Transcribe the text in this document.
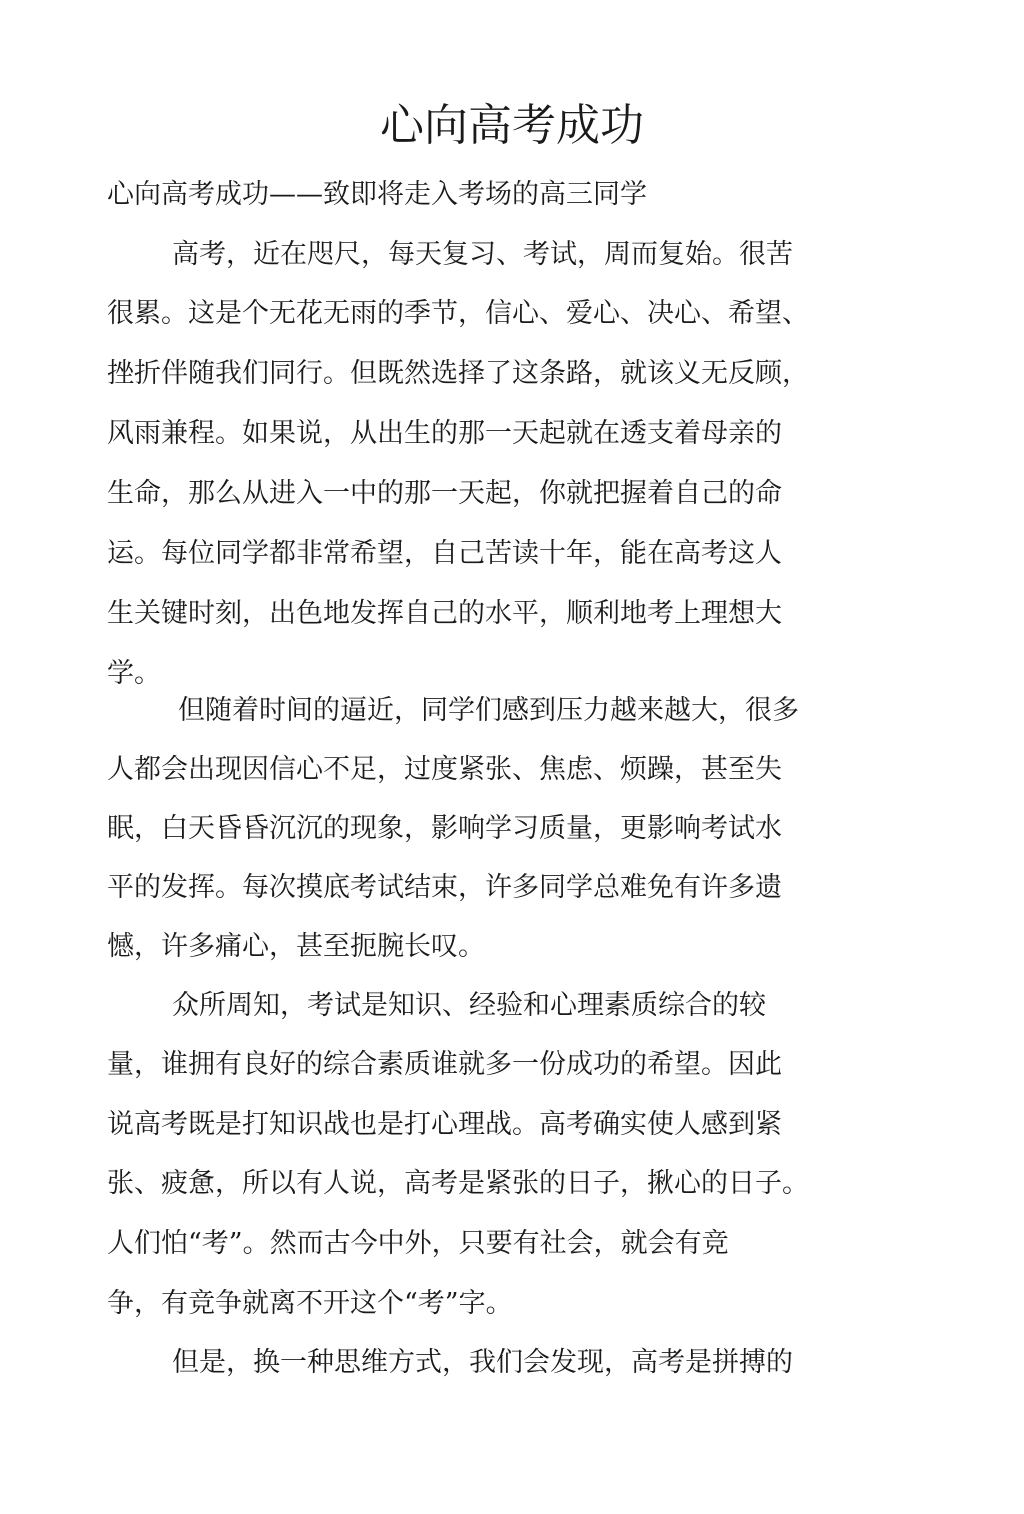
心向高考成功

心向高考成功——致即将走入考场的高三同学

高考，近在咫尺，每天复习、考试，周而复始。很苦

很累。这是个无花无雨的季节，信心、爱心、决心、希望、

挫折伴随我们同行。但既然选择了这条路，就该义无反顾，

风雨兼程。如果说，从出生的那一天起就在透支着母亲的

生命，那么从进入一中的那一天起，你就把握着自己的命

运。每位同学都非常希望，自己苦读十年，能在高考这人

生关键时刻，出色地发挥自己的水平，顺利地考上理想大

学。

但随着时间的逼近，同学们感到压力越来越大，很多

人都会出现因信心不足，过度紧张、焦虑、烦躁，甚至失

眠，白天昏昏沉沉的现象，影响学习质量，更影响考试水

平的发挥。每次摸底考试结束，许多同学总难免有许多遗

憾，许多痛心，甚至扼腕长叹。

众所周知，考试是知识、经验和心理素质综合的较

量，谁拥有良好的综合素质谁就多一份成功的希望。因此

说高考既是打知识战也是打心理战。高考确实使人感到紧

张、疲惫，所以有人说，高考是紧张的日子，揪心的日子。

人们怕“考”。然而古今中外，只要有社会，就会有竞

争，有竞争就离不开这个“考”字。

但是，换一种思维方式，我们会发现，高考是拼搏的
